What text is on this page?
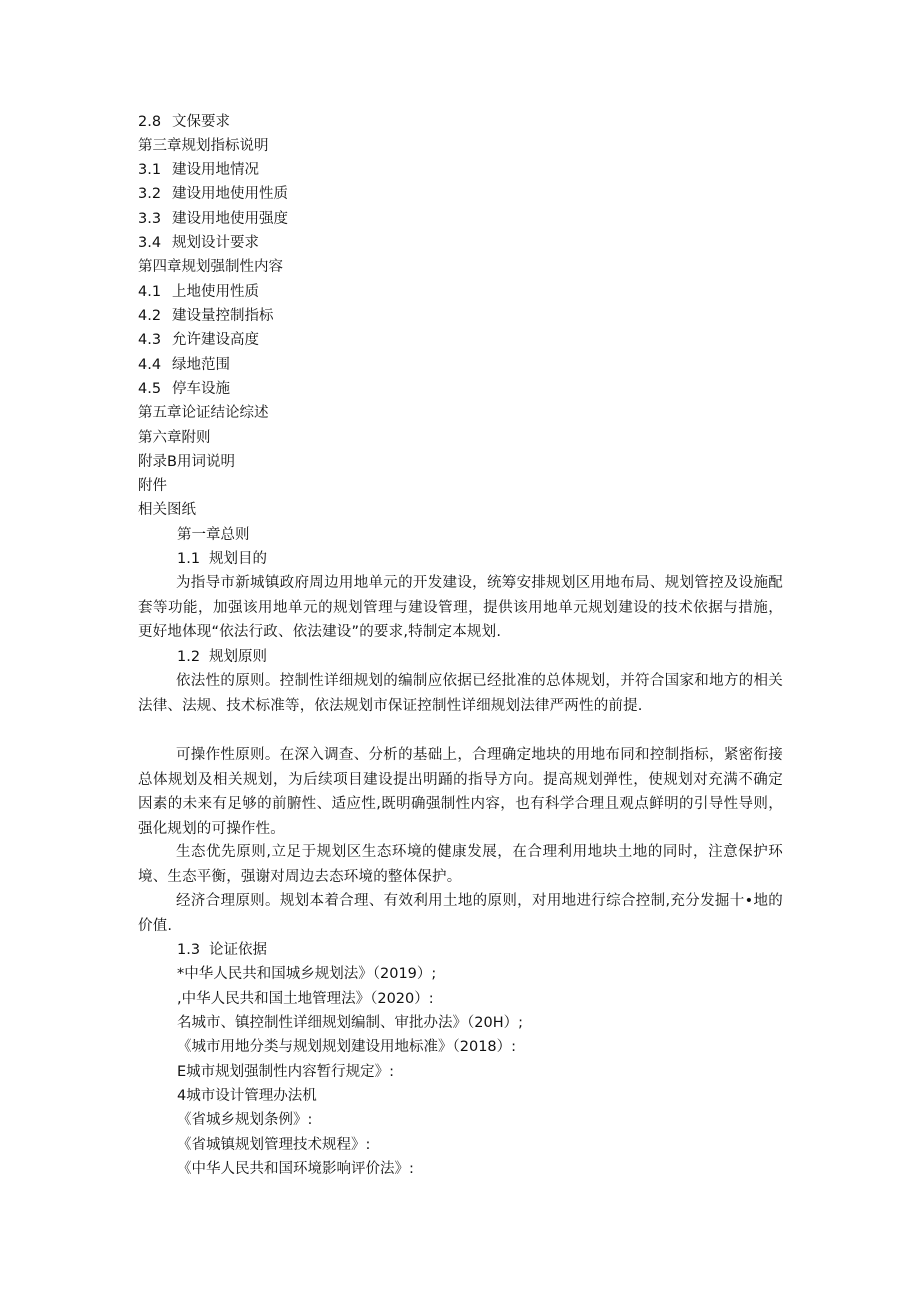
2.8 文保要求
第三章规划指标说明
3.1 建设用地情况
3.2 建设用地使用性质
3.3 建设用地使用强度
3.4 规划设计要求
第四章规划强制性内容
4.1 上地使用性质
4.2 建设量控制指标
4.3 允许建设高度
4.4 绿地范围
4.5 停车设施
第五章论证结论综述
第六章附则
附录B用词说明
附件
相关图纸
第一章总则
1.1 规划目的

为指导市新城镇政府周边用地单元的开发建设，统筹安排规划区用地布局、规划管控及设施配套等功能，加强该用地单元的规划管理与建设管理，提供该用地单元规划建设的技术依据与措施，更好地体现“依法行政、依法建设”的要求,特制定本规划.

1.2 规划原则

依法性的原则。控制性详细规划的编制应依据已经批准的总体规划，并符合国家和地方的相关法律、法规、技术标准等，依法规划市保证控制性详细规划法律严两性的前提.

可操作性原则。在深入调查、分析的基础上，合理确定地块的用地布同和控制指标，紧密衔接总体规划及相关规划，为后续项目建设提出明踊的指导方向。提高规划弹性，使规划对充满不确定因素的未来有足够的前腑性、适应性,既明确强制性内容，也有科学合理且观点鲜明的引导性导则，强化规划的可操作性。

生态优先原则,立足于规划区生态环境的健康发展，在合理利用地块土地的同时，注意保护环境、生态平衡，强谢对周边去态环境的整体保护。

经济合理原则。规划本着合理、有效利用土地的原则，对用地进行综合控制,充分发掘十•地的价值.

1.3 论证依据
*中华人民共和国城乡规划法》（2019）;
,中华人民共和国土地管理法》（2020）:
名城市、镇控制性详细规划编制、审批办法》（20H）;
《城市用地分类与规划规划建设用地标准》（2018）:
E城市规划强制性内容暂行规定》:
4城市设计管理办法机
《省城乡规划条例》:
《省城镇规划管理技术规程》:
《中华人民共和国环境影响评价法》:
